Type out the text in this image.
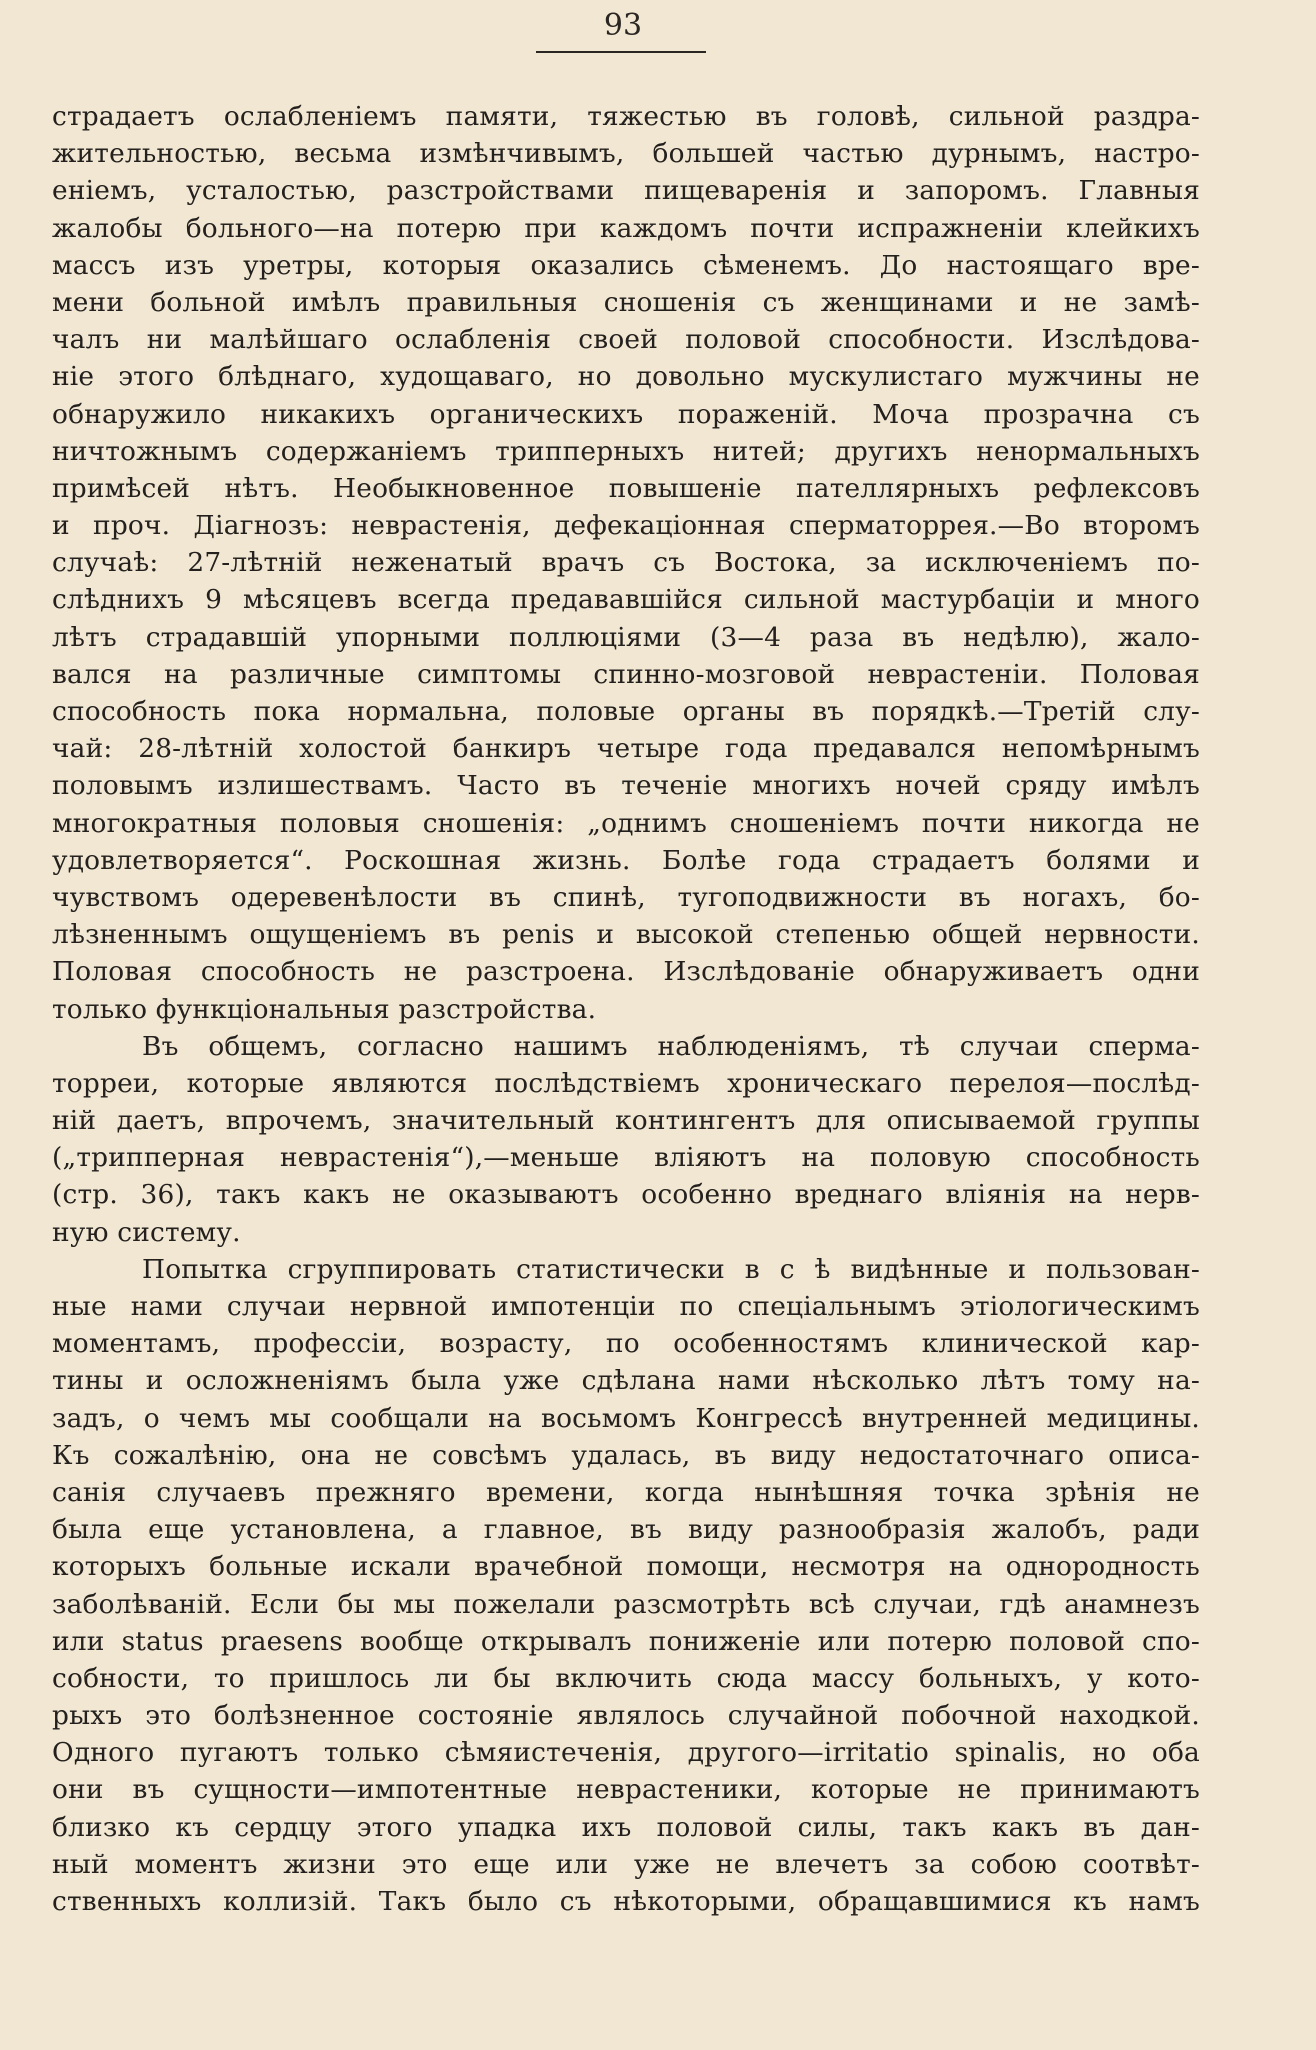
93
страдаетъ ослабленіемъ памяти, тяжестью въ головѣ, сильной раздра-
жительностью, весьма измѣнчивымъ, большей частью дурнымъ, настро-
еніемъ, усталостью, разстройствами пищеваренія и запоромъ. Главныя
жалобы больного—на потерю при каждомъ почти испражненіи клейкихъ
массъ изъ уретры, которыя оказались сѣменемъ. До настоящаго вре-
мени больной имѣлъ правильныя сношенія съ женщинами и не замѣ-
чалъ ни малѣйшаго ослабленія своей половой способности. Изслѣдова-
ніе этого блѣднаго, худощаваго, но довольно мускулистаго мужчины не
обнаружило никакихъ органическихъ пораженій. Моча прозрачна съ
ничтожнымъ содержаніемъ трипперныхъ нитей; другихъ ненормальныхъ
примѣсей нѣтъ. Необыкновенное повышеніе пателлярныхъ рефлексовъ
и проч. Діагнозъ: неврастенія, дефекаціонная сперматоррея.—Во второмъ
случаѣ: 27-лѣтній неженатый врачъ съ Востока, за исключеніемъ по-
слѣднихъ 9 мѣсяцевъ всегда предававшійся сильной мастурбаціи и много
лѣтъ страдавшій упорными поллюціями (3—4 раза въ недѣлю), жало-
вался на различные симптомы спинно-мозговой неврастеніи. Половая
способность пока нормальна, половые органы въ порядкѣ.—Третій слу-
чай: 28-лѣтній холостой банкиръ четыре года предавался непомѣрнымъ
половымъ излишествамъ. Часто въ теченіе многихъ ночей сряду имѣлъ
многократныя половыя сношенія: „однимъ сношеніемъ почти никогда не
удовлетворяется“. Роскошная жизнь. Болѣе года страдаетъ болями и
чувствомъ одеревенѣлости въ спинѣ, тугоподвижности въ ногахъ, бо-
лѣзненнымъ ощущеніемъ въ penis и высокой степенью общей нервности.
Половая способность не разстроена. Изслѣдованіе обнаруживаетъ одни
только функціональныя разстройства.
Въ общемъ, согласно нашимъ наблюденіямъ, тѣ случаи сперма-
торреи, которые являются послѣдствіемъ хроническаго перелоя—послѣд-
ній даетъ, впрочемъ, значительный контингентъ для описываемой группы
(„трипперная неврастенія“),—меньше вліяютъ на половую способность
(стр. 36), такъ какъ не оказываютъ особенно вреднаго вліянія на нерв-
ную систему.
Попытка сгруппировать статистически в с ѣ видѣнные и пользован-
ные нами случаи нервной импотенціи по спеціальнымъ этіологическимъ
моментамъ, профессіи, возрасту, по особенностямъ клинической кар-
тины и осложненіямъ была уже сдѣлана нами нѣсколько лѣтъ тому на-
задъ, о чемъ мы сообщали на восьмомъ Конгрессѣ внутренней медицины.
Къ сожалѣнію, она не совсѣмъ удалась, въ виду недостаточнаго описа-
санія случаевъ прежняго времени, когда нынѣшняя точка зрѣнія не
была еще установлена, а главное, въ виду разнообразія жалобъ, ради
которыхъ больные искали врачебной помощи, несмотря на однородность
заболѣваній. Если бы мы пожелали разсмотрѣть всѣ случаи, гдѣ анамнезъ
или status praesens вообще открывалъ пониженіе или потерю половой спо-
собности, то пришлось ли бы включить сюда массу больныхъ, у кото-
рыхъ это болѣзненное состояніе являлось случайной побочной находкой.
Одного пугаютъ только сѣмяистеченія, другого—irritatio spinalis, но оба
они въ сущности—импотентные неврастеники, которые не принимаютъ
близко къ сердцу этого упадка ихъ половой силы, такъ какъ въ дан-
ный моментъ жизни это еще или уже не влечетъ за собою соотвѣт-
ственныхъ коллизій. Такъ было съ нѣкоторыми, обращавшимися къ намъ
